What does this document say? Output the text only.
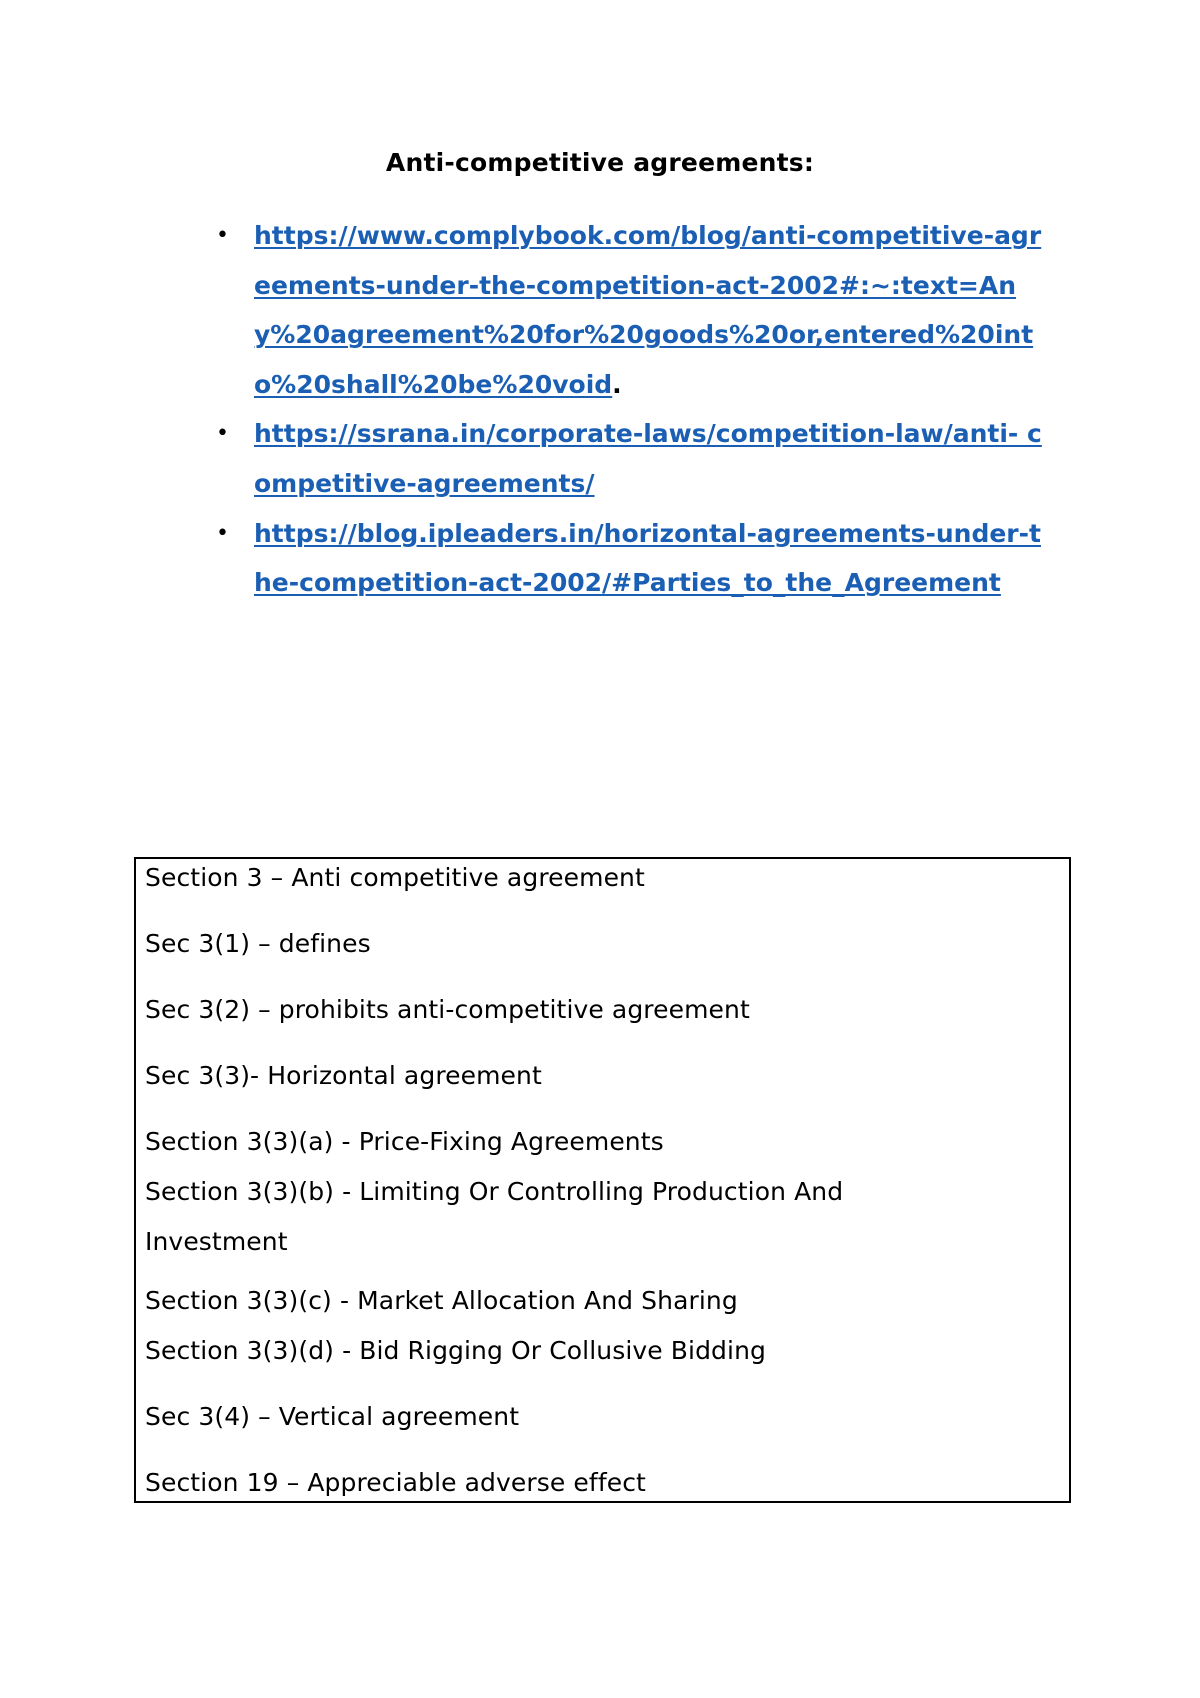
Anti-competitive agreements:
• https://www.complybook.com/blog/anti-competitive-agreements-under-the-competition-act-2002#:~:text=Any%20agreement%20for%20goods%20or,entered%20into%20shall%20be%20void.
• https://ssrana.in/corporate-laws/competition-law/anti- competitive-agreements/
• https://blog.ipleaders.in/horizontal-agreements-under-the-competition-act-2002/#Parties_to_the_Agreement

Section 3 – Anti competitive agreement

Sec 3(1) – defines

Sec 3(2) – prohibits anti-competitive agreement

Sec 3(3)- Horizontal agreement

Section 3(3)(a) - Price-Fixing Agreements

Section 3(3)(b) - Limiting Or Controlling Production And Investment

Section 3(3)(c) - Market Allocation And Sharing

Section 3(3)(d) - Bid Rigging Or Collusive Bidding

Sec 3(4) – Vertical agreement

Section 19 – Appreciable adverse effect
